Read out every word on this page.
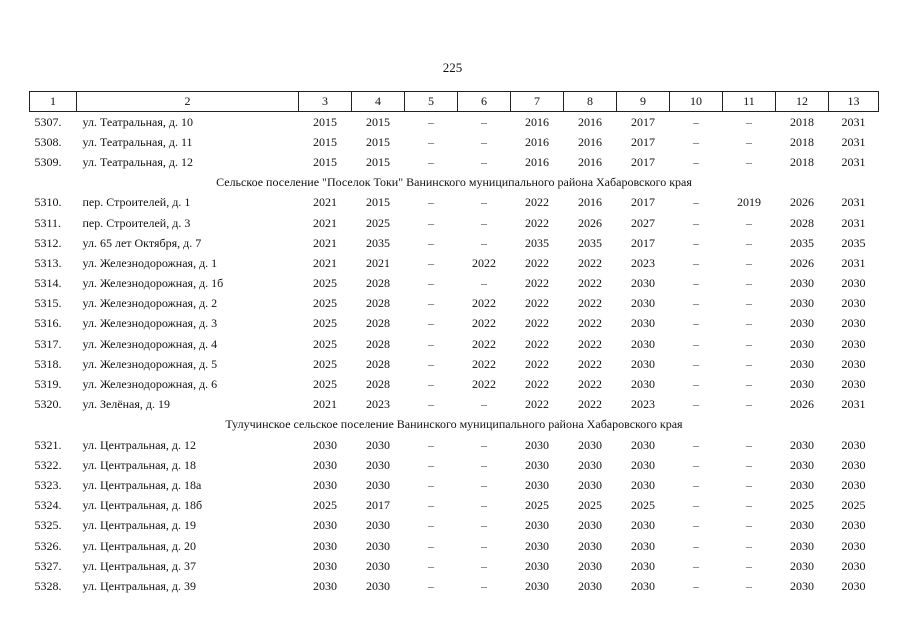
225
1	2	3	4	5	6	7	8	9	10	11	12	13
5307.	ул. Театральная, д. 10	2015	2015	–	–	2016	2016	2017	–	–	2018	2031
5308.	ул. Театральная, д. 11	2015	2015	–	–	2016	2016	2017	–	–	2018	2031
5309.	ул. Театральная, д. 12	2015	2015	–	–	2016	2016	2017	–	–	2018	2031
Сельское поселение "Поселок Токи" Ванинского муниципального района Хабаровского края												
5310.	пер. Строителей, д. 1	2021	2015	–	–	2022	2016	2017	–	2019	2026	2031
5311.	пер. Строителей, д. 3	2021	2025	–	–	2022	2026	2027	–	–	2028	2031
5312.	ул. 65 лет Октября, д. 7	2021	2035	–	–	2035	2035	2017	–	–	2035	2035
5313.	ул. Железнодорожная, д. 1	2021	2021	–	2022	2022	2022	2023	–	–	2026	2031
5314.	ул. Железнодорожная, д. 1б	2025	2028	–	–	2022	2022	2030	–	–	2030	2030
5315.	ул. Железнодорожная, д. 2	2025	2028	–	2022	2022	2022	2030	–	–	2030	2030
5316.	ул. Железнодорожная, д. 3	2025	2028	–	2022	2022	2022	2030	–	–	2030	2030
5317.	ул. Железнодорожная, д. 4	2025	2028	–	2022	2022	2022	2030	–	–	2030	2030
5318.	ул. Железнодорожная, д. 5	2025	2028	–	2022	2022	2022	2030	–	–	2030	2030
5319.	ул. Железнодорожная, д. 6	2025	2028	–	2022	2022	2022	2030	–	–	2030	2030
5320.	ул. Зелёная, д. 19	2021	2023	–	–	2022	2022	2023	–	–	2026	2031
Тулучинское сельское поселение Ванинского муниципального района Хабаровского края												
5321.	ул. Центральная, д. 12	2030	2030	–	–	2030	2030	2030	–	–	2030	2030
5322.	ул. Центральная, д. 18	2030	2030	–	–	2030	2030	2030	–	–	2030	2030
5323.	ул. Центральная, д. 18а	2030	2030	–	–	2030	2030	2030	–	–	2030	2030
5324.	ул. Центральная, д. 18б	2025	2017	–	–	2025	2025	2025	–	–	2025	2025
5325.	ул. Центральная, д. 19	2030	2030	–	–	2030	2030	2030	–	–	2030	2030
5326.	ул. Центральная, д. 20	2030	2030	–	–	2030	2030	2030	–	–	2030	2030
5327.	ул. Центральная, д. 37	2030	2030	–	–	2030	2030	2030	–	–	2030	2030
5328.	ул. Центральная, д. 39	2030	2030	–	–	2030	2030	2030	–	–	2030	2030
